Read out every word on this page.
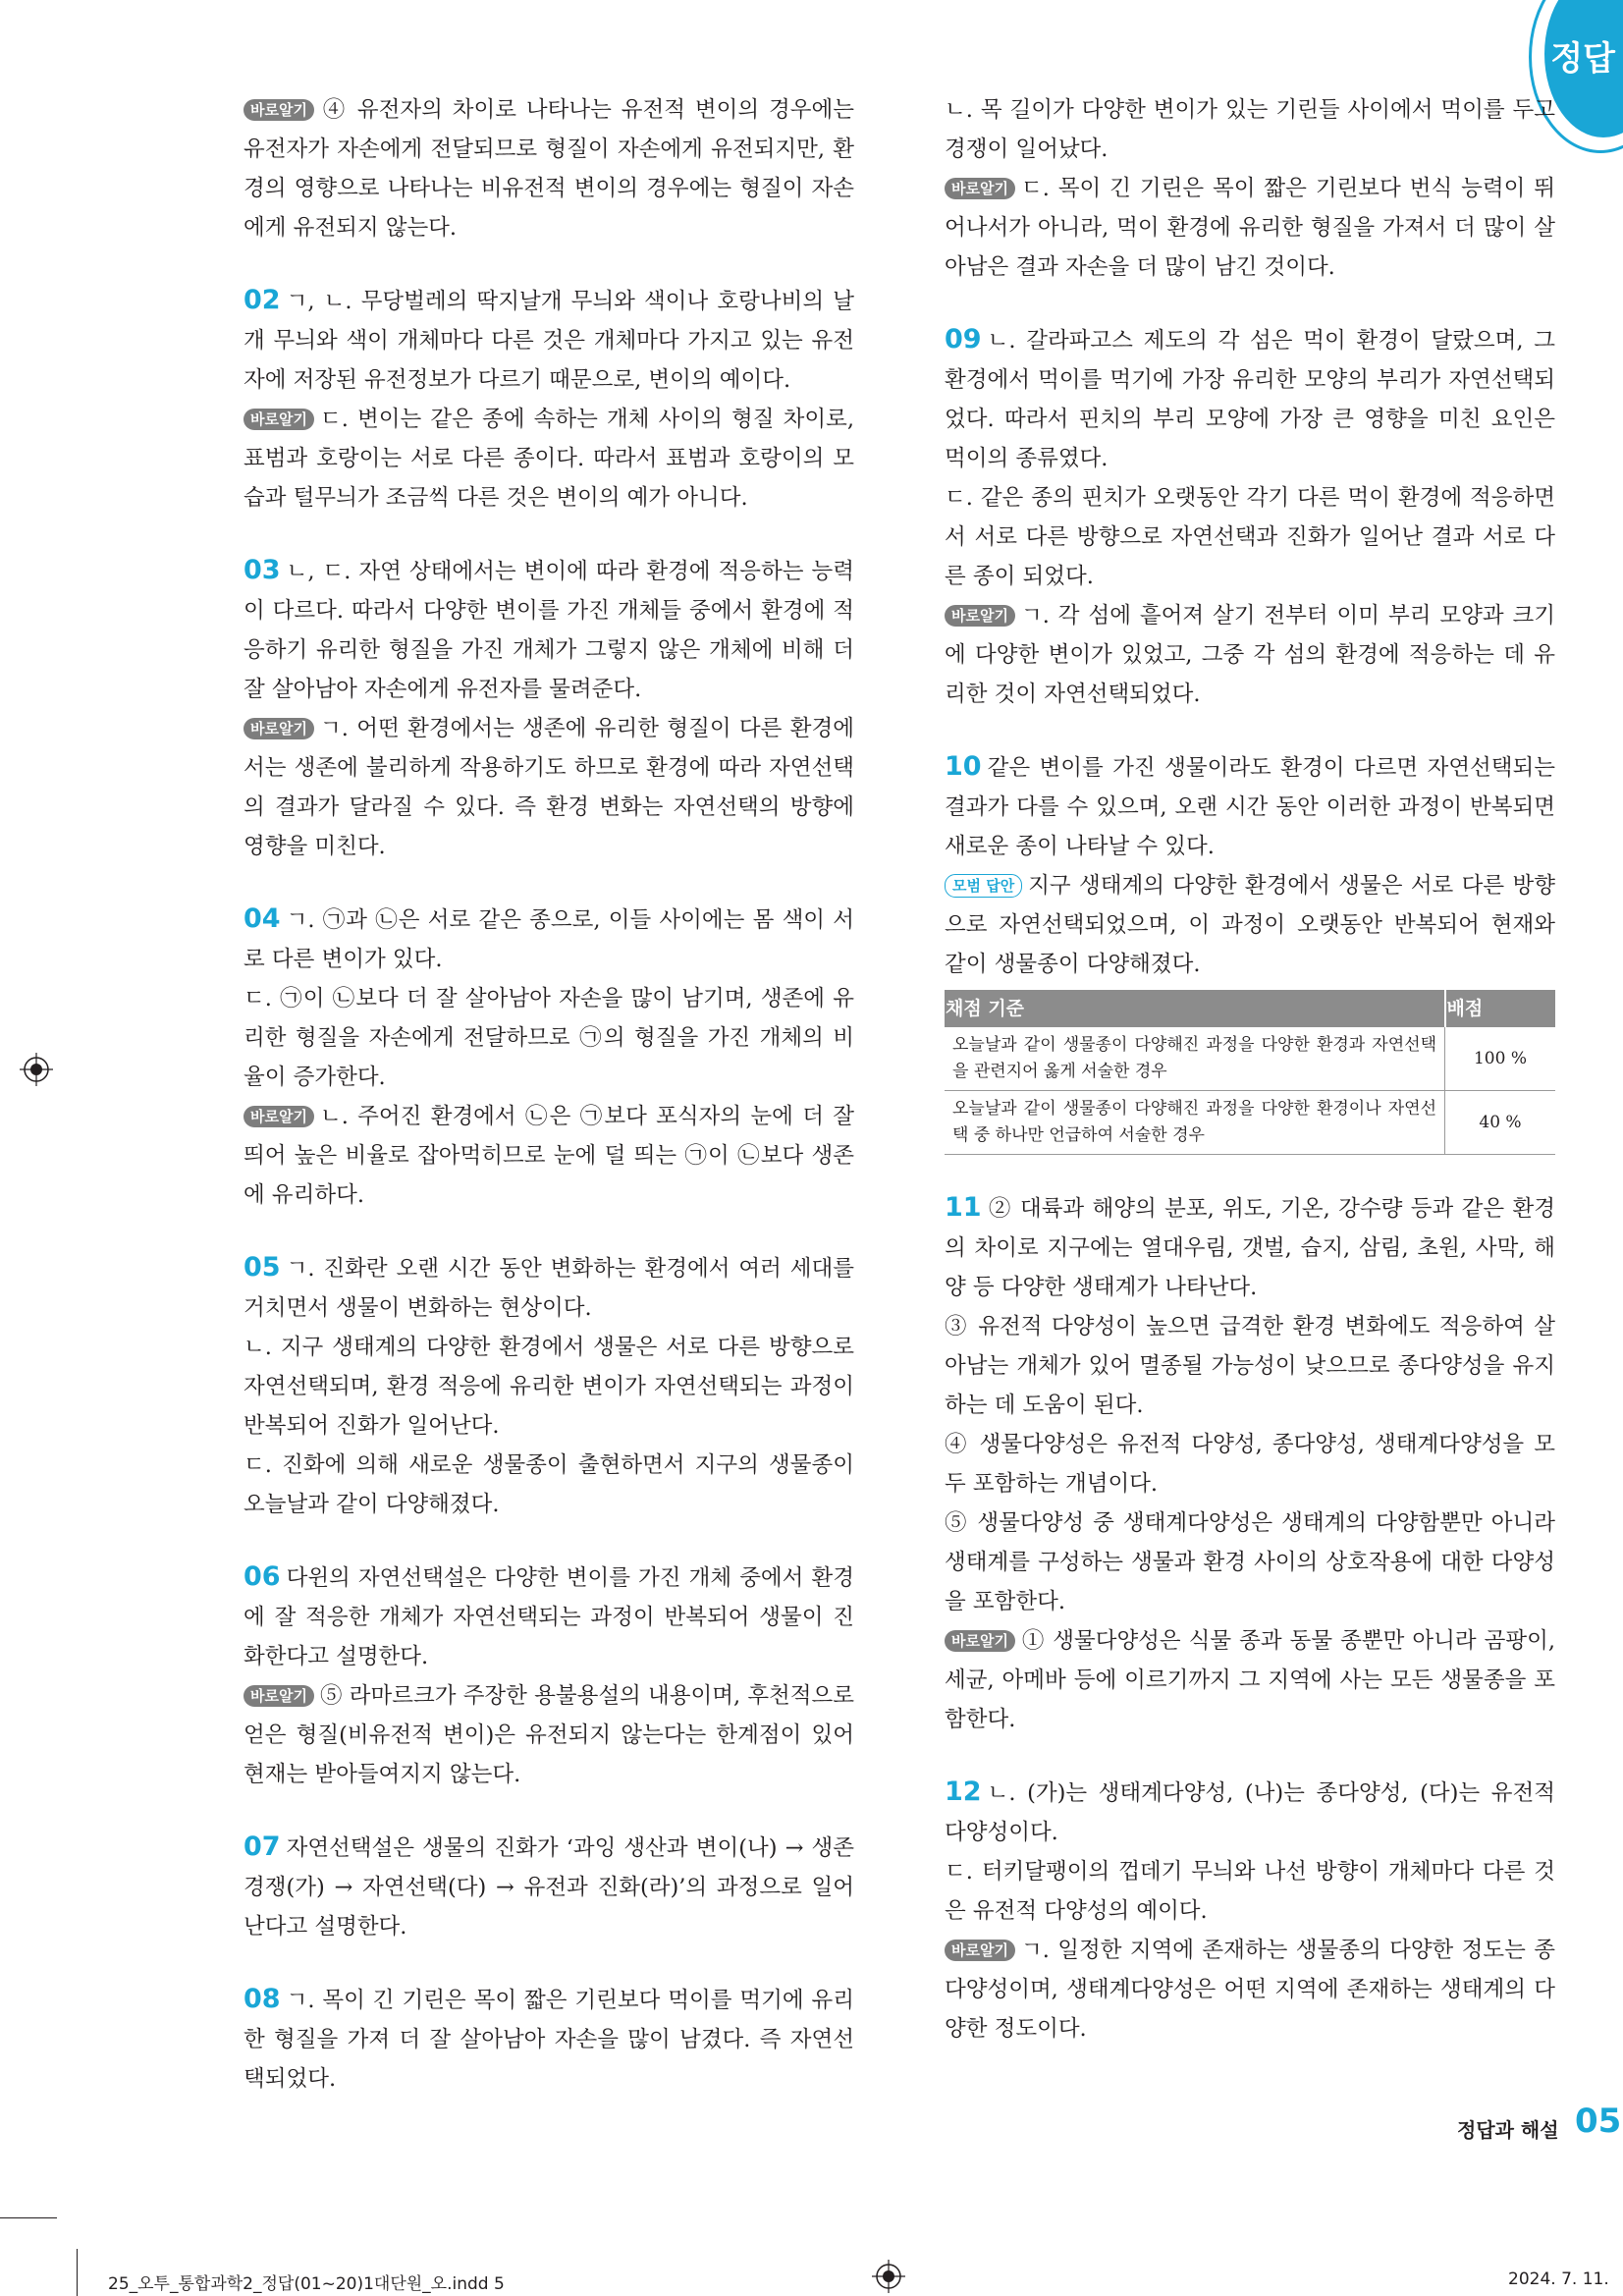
정답

바로알기 ④ 유전자의 차이로 나타나는 유전적 변이의 경우에는 유전자가 자손에게 전달되므로 형질이 자손에게 유전되지만, 환경의 영향으로 나타나는 비유전적 변이의 경우에는 형질이 자손에게 유전되지 않는다.

02 ㄱ, ㄴ. 무당벌레의 딱지날개 무늬와 색이나 호랑나비의 날개 무늬와 색이 개체마다 다른 것은 개체마다 가지고 있는 유전자에 저장된 유전정보가 다르기 때문으로, 변이의 예이다.

바로알기 ㄷ. 변이는 같은 종에 속하는 개체 사이의 형질 차이로, 표범과 호랑이는 서로 다른 종이다. 따라서 표범과 호랑이의 모습과 털무늬가 조금씩 다른 것은 변이의 예가 아니다.

03 ㄴ, ㄷ. 자연 상태에서는 변이에 따라 환경에 적응하는 능력이 다르다. 따라서 다양한 변이를 가진 개체들 중에서 환경에 적응하기 유리한 형질을 가진 개체가 그렇지 않은 개체에 비해 더 잘 살아남아 자손에게 유전자를 물려준다.

바로알기 ㄱ. 어떤 환경에서는 생존에 유리한 형질이 다른 환경에서는 생존에 불리하게 작용하기도 하므로 환경에 따라 자연선택의 결과가 달라질 수 있다. 즉 환경 변화는 자연선택의 방향에 영향을 미친다.

04 ㄱ. ㉠과 ㉡은 서로 같은 종으로, 이들 사이에는 몸 색이 서로 다른 변이가 있다.

ㄷ. ㉠이 ㉡보다 더 잘 살아남아 자손을 많이 남기며, 생존에 유리한 형질을 자손에게 전달하므로 ㉠의 형질을 가진 개체의 비율이 증가한다.

바로알기 ㄴ. 주어진 환경에서 ㉡은 ㉠보다 포식자의 눈에 더 잘 띄어 높은 비율로 잡아먹히므로 눈에 덜 띄는 ㉠이 ㉡보다 생존에 유리하다.

05 ㄱ. 진화란 오랜 시간 동안 변화하는 환경에서 여러 세대를 거치면서 생물이 변화하는 현상이다.

ㄴ. 지구 생태계의 다양한 환경에서 생물은 서로 다른 방향으로 자연선택되며, 환경 적응에 유리한 변이가 자연선택되는 과정이 반복되어 진화가 일어난다.

ㄷ. 진화에 의해 새로운 생물종이 출현하면서 지구의 생물종이 오늘날과 같이 다양해졌다.

06 다윈의 자연선택설은 다양한 변이를 가진 개체 중에서 환경에 잘 적응한 개체가 자연선택되는 과정이 반복되어 생물이 진화한다고 설명한다.

바로알기 ⑤ 라마르크가 주장한 용불용설의 내용이며, 후천적으로 얻은 형질(비유전적 변이)은 유전되지 않는다는 한계점이 있어 현재는 받아들여지지 않는다.

07 자연선택설은 생물의 진화가 ‘과잉 생산과 변이(나) → 생존경쟁(가) → 자연선택(다) → 유전과 진화(라)’의 과정으로 일어난다고 설명한다.

08 ㄱ. 목이 긴 기린은 목이 짧은 기린보다 먹이를 먹기에 유리한 형질을 가져 더 잘 살아남아 자손을 많이 남겼다. 즉 자연선택되었다.

ㄴ. 목 길이가 다양한 변이가 있는 기린들 사이에서 먹이를 두고 경쟁이 일어났다.

바로알기 ㄷ. 목이 긴 기린은 목이 짧은 기린보다 번식 능력이 뛰어나서가 아니라, 먹이 환경에 유리한 형질을 가져서 더 많이 살아남은 결과 자손을 더 많이 남긴 것이다.

09 ㄴ. 갈라파고스 제도의 각 섬은 먹이 환경이 달랐으며, 그 환경에서 먹이를 먹기에 가장 유리한 모양의 부리가 자연선택되었다. 따라서 핀치의 부리 모양에 가장 큰 영향을 미친 요인은 먹이의 종류였다.

ㄷ. 같은 종의 핀치가 오랫동안 각기 다른 먹이 환경에 적응하면서 서로 다른 방향으로 자연선택과 진화가 일어난 결과 서로 다른 종이 되었다.

바로알기 ㄱ. 각 섬에 흩어져 살기 전부터 이미 부리 모양과 크기에 다양한 변이가 있었고, 그중 각 섬의 환경에 적응하는 데 유리한 것이 자연선택되었다.

10 같은 변이를 가진 생물이라도 환경이 다르면 자연선택되는 결과가 다를 수 있으며, 오랜 시간 동안 이러한 과정이 반복되면 새로운 종이 나타날 수 있다.

모범 답안 지구 생태계의 다양한 환경에서 생물은 서로 다른 방향으로 자연선택되었으며, 이 과정이 오랫동안 반복되어 현재와 같이 생물종이 다양해졌다.

채점 기준	배점
오늘날과 같이 생물종이 다양해진 과정을 다양한 환경과 자연선택을 관련지어 옳게 서술한 경우	100 %
오늘날과 같이 생물종이 다양해진 과정을 다양한 환경이나 자연선택 중 하나만 언급하여 서술한 경우	40 %

11 ② 대륙과 해양의 분포, 위도, 기온, 강수량 등과 같은 환경의 차이로 지구에는 열대우림, 갯벌, 습지, 삼림, 초원, 사막, 해양 등 다양한 생태계가 나타난다.

③ 유전적 다양성이 높으면 급격한 환경 변화에도 적응하여 살아남는 개체가 있어 멸종될 가능성이 낮으므로 종다양성을 유지하는 데 도움이 된다.

④ 생물다양성은 유전적 다양성, 종다양성, 생태계다양성을 모두 포함하는 개념이다.

⑤ 생물다양성 중 생태계다양성은 생태계의 다양함뿐만 아니라 생태계를 구성하는 생물과 환경 사이의 상호작용에 대한 다양성을 포함한다.

바로알기 ① 생물다양성은 식물 종과 동물 종뿐만 아니라 곰팡이, 세균, 아메바 등에 이르기까지 그 지역에 사는 모든 생물종을 포함한다.

12 ㄴ. (가)는 생태계다양성, (나)는 종다양성, (다)는 유전적 다양성이다.

ㄷ. 터키달팽이의 껍데기 무늬와 나선 방향이 개체마다 다른 것은 유전적 다양성의 예이다.

바로알기 ㄱ. 일정한 지역에 존재하는 생물종의 다양한 정도는 종다양성이며, 생태계다양성은 어떤 지역에 존재하는 생태계의 다양한 정도이다.

정답과 해설 05
25_오투_통합과학2_정답(01~20)1대단원_오.indd 5	2024. 7. 11.
